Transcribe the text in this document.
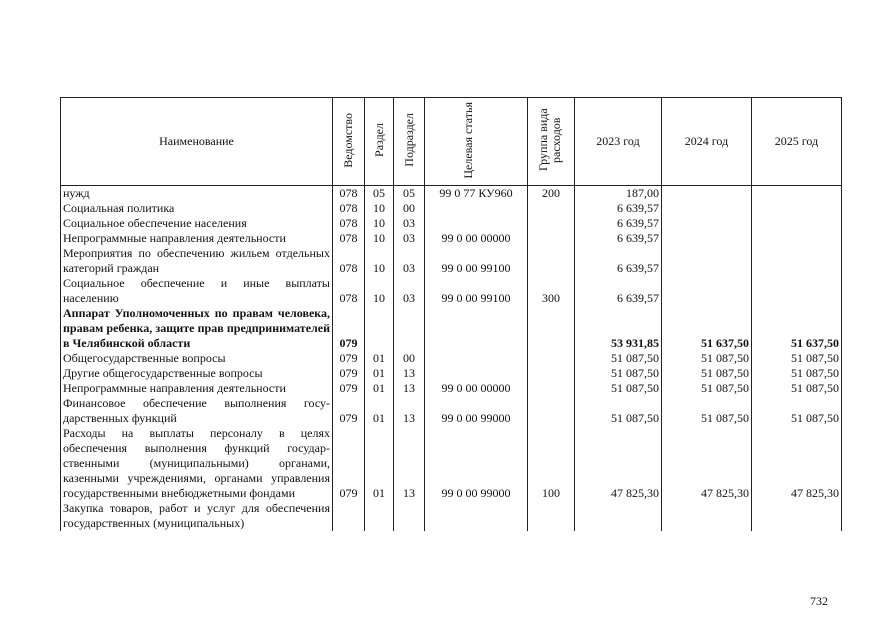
Наименование	Ведомство	Раздел	Подраздел	Целевая статья	Группа вида расходов	2023 год	2024 год	2025 год
нужд	078	05	05	99 0 77 КУ960	200	187,00		
Социальная политика	078	10	00			6 639,57		
Социальное обеспечение населения	078	10	03			6 639,57		
Непрограммные направления деятельности	078	10	03	99 0 00 00000		6 639,57		
Мероприятия по обеспечению жильем отдельных категорий граждан	078	10	03	99 0 00 99100		6 639,57		
Социальное обеспечение и иные выплаты населению	078	10	03	99 0 00 99100	300	6 639,57		
Аппарат Уполномоченных по правам человека, правам ребенка, защите прав предпринимателей в Челябинской области	079					53 931,85	51 637,50	51 637,50
Общегосударственные вопросы	079	01	00			51 087,50	51 087,50	51 087,50
Другие общегосударственные вопросы	079	01	13			51 087,50	51 087,50	51 087,50
Непрограммные направления деятельности	079	01	13	99 0 00 00000		51 087,50	51 087,50	51 087,50
Финансовое обеспечение выполнения государственных функций	079	01	13	99 0 00 99000		51 087,50	51 087,50	51 087,50
Расходы на выплаты персоналу в целях обеспечения выполнения функций государственными (муниципальными) органами, казенными учреждениями, органами управления государственными внебюджетными фондами	079	01	13	99 0 00 99000	100	47 825,30	47 825,30	47 825,30
Закупка товаров, работ и услуг для обеспечения государственных (муниципальных)								
732
